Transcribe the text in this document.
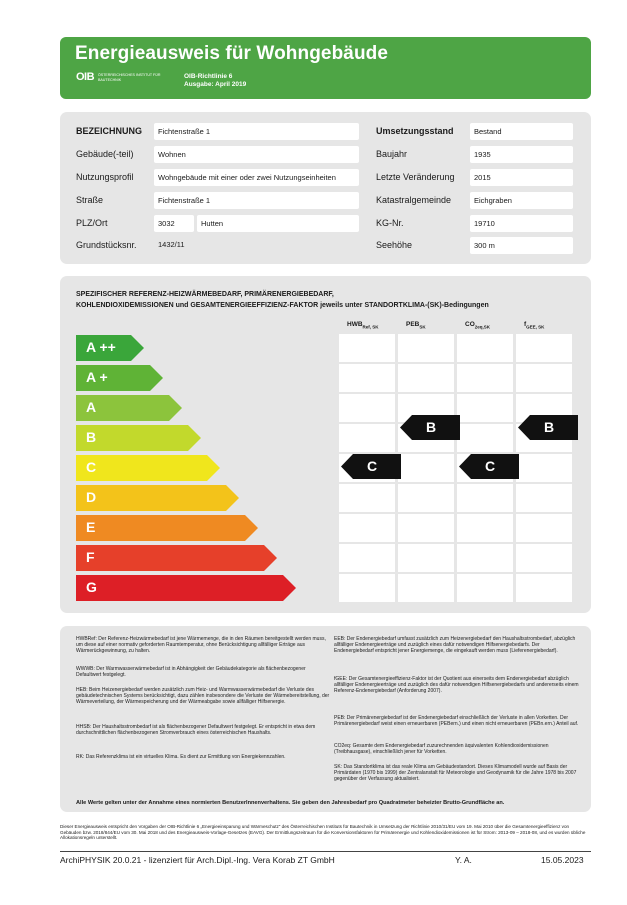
Energieausweis für Wohngebäude
OIB ÖSTERREICHISCHES INSTITUT FÜR BAUTECHNIK	OIB-Richtlinie 6
Ausgabe: April 2019
BEZEICHNUNG	Fichtenstraße 1
Gebäude(-teil)	Wohnen
Nutzungsprofil	Wohngebäude mit einer oder zwei Nutzungseinheiten
Straße	Fichtenstraße 1
PLZ/Ort	3032	Hutten
Grundstücksnr.	1432/11
Umsetzungsstand	Bestand
Baujahr	1935
Letzte Veränderung	2015
Katastralgemeinde	Eichgraben
KG-Nr.	19710
Seehöhe	300 m
SPEZIFISCHER REFERENZ-HEIZWÄRMEBEDARF, PRIMÄRENERGIEBEDARF,
KOHLENDIOXIDEMISSIONEN und GESAMTENERGIEEFFIZIENZ-FAKTOR jeweils unter STANDORTKLIMA-(SK)-Bedingungen
$HWB_{Ref, SK}$	$PEB_{SK}$	$CO_{2eq,SK}$	$f_{GEE, SK}$
A ++
A +
A
B
C
D
E
F
G
C
B
C
B
HWBRef: Der Referenz-Heizwärmebedarf ist jene Wärmemenge, die in den Räumen bereitgestellt werden muss, um diese auf einer normativ geforderten Raumtemperatur, ohne Berücksichtigung allfälliger Erträge aus Wärmerückgewinnung, zu halten.
WWWB: Der Warmwasserwärmebedarf ist in Abhängigkeit der Gebäudekategorie als flächenbezogener Defaultwert festgelegt.
HEB: Beim Heizenergiebedarf werden zusätzlich zum Heiz- und Warmwasserwärmebedarf die Verluste des gebäudetechnischen Systems berücksichtigt, dazu zählen insbesondere die Verluste der Wärmebereitstellung, der Wärmeverteilung, der Wärmespeicherung und der Wärmeabgabe sowie allfälliger Hilfsenergie.
HHSB: Der Haushaltsstrombedarf ist als flächenbezogener Defaultwert festgelegt. Er entspricht in etwa dem durchschnittlichen flächenbezogenen Stromverbrauch eines österreichischen Haushalts.
RK: Das Referenzklima ist ein virtuelles Klima. Es dient zur Ermittlung von Energiekennzahlen.
EEB: Der Endenergiebedarf umfasst zusätzlich zum Heizenergiebedarf den Haushaltsstrombedarf, abzüglich allfälliger Endenergieerträge und zuzüglich eines dafür notwendigen Hilfsenergiebedarfs. Der Endenergiebedarf entspricht jener Energiemenge, die eingekauft werden muss (Lieferenergiebedarf).
fGEE: Der Gesamtenergieeffizienz-Faktor ist der Quotient aus einerseits dem Endenergiebedarf abzüglich allfälliger Endenergieerträge und zuzüglich des dafür notwendigen Hilfsenergiebedarfs und andererseits einem Referenz-Endenergiebedarf (Anforderung 2007).
PEB: Der Primärenergiebedarf ist der Endenergiebedarf einschließlich der Verluste in allen Vorketten. Der Primärenergiebedarf weist einen erneuerbaren (PEBern.) und einen nicht erneuerbaren (PEBn.ern.) Anteil auf.
CO2eq: Gesamte dem Endenergiebedarf zuzurechnenden äquivalenten Kohlendioxidemissionen (Treibhausgase), einschließlich jener für Vorketten.
SK: Das Standortklima ist das reale Klima am Gebäudestandort. Dieses Klimamodell wurde auf Basis der Primärdaten (1970 bis 1999) der Zentralanstalt für Meteorologie und Geodynamik für die Jahre 1978 bis 2007 gegenüber der Verfassung aktualisiert.
Alle Werte gelten unter der Annahme eines normierten BenutzerInnenverhaltens. Sie geben den Jahresbedarf pro Quadratmeter beheizter Brutto-Grundfläche an.
Dieser Energieausweis entspricht den Vorgaben der OIB-Richtlinie 6 „Energieeinsparung und Wärmeschutz“ des Österreichischen Instituts für Bautechnik in Umsetzung der Richtlinie 2010/31/EU vom 19. Mai 2010 über die Gesamtenergieeffizienz von Gebäuden bzw. 2018/844/EU vom 30. Mai 2018 und des Energieausweis-Vorlage-Gesetzes (EAVG). Der Ermittlungszeitraum für die Konversionsfaktoren für Primärenergie und Kohlendioxidemissionen ist für Strom: 2013-09 – 2018-08, und es wurden übliche Allokationsregeln unterstellt.
ArchiPHYSIK 20.0.21 - lizenziert für Arch.Dipl.-Ing. Vera Korab ZT GmbH	Y. A.	15.05.2023
